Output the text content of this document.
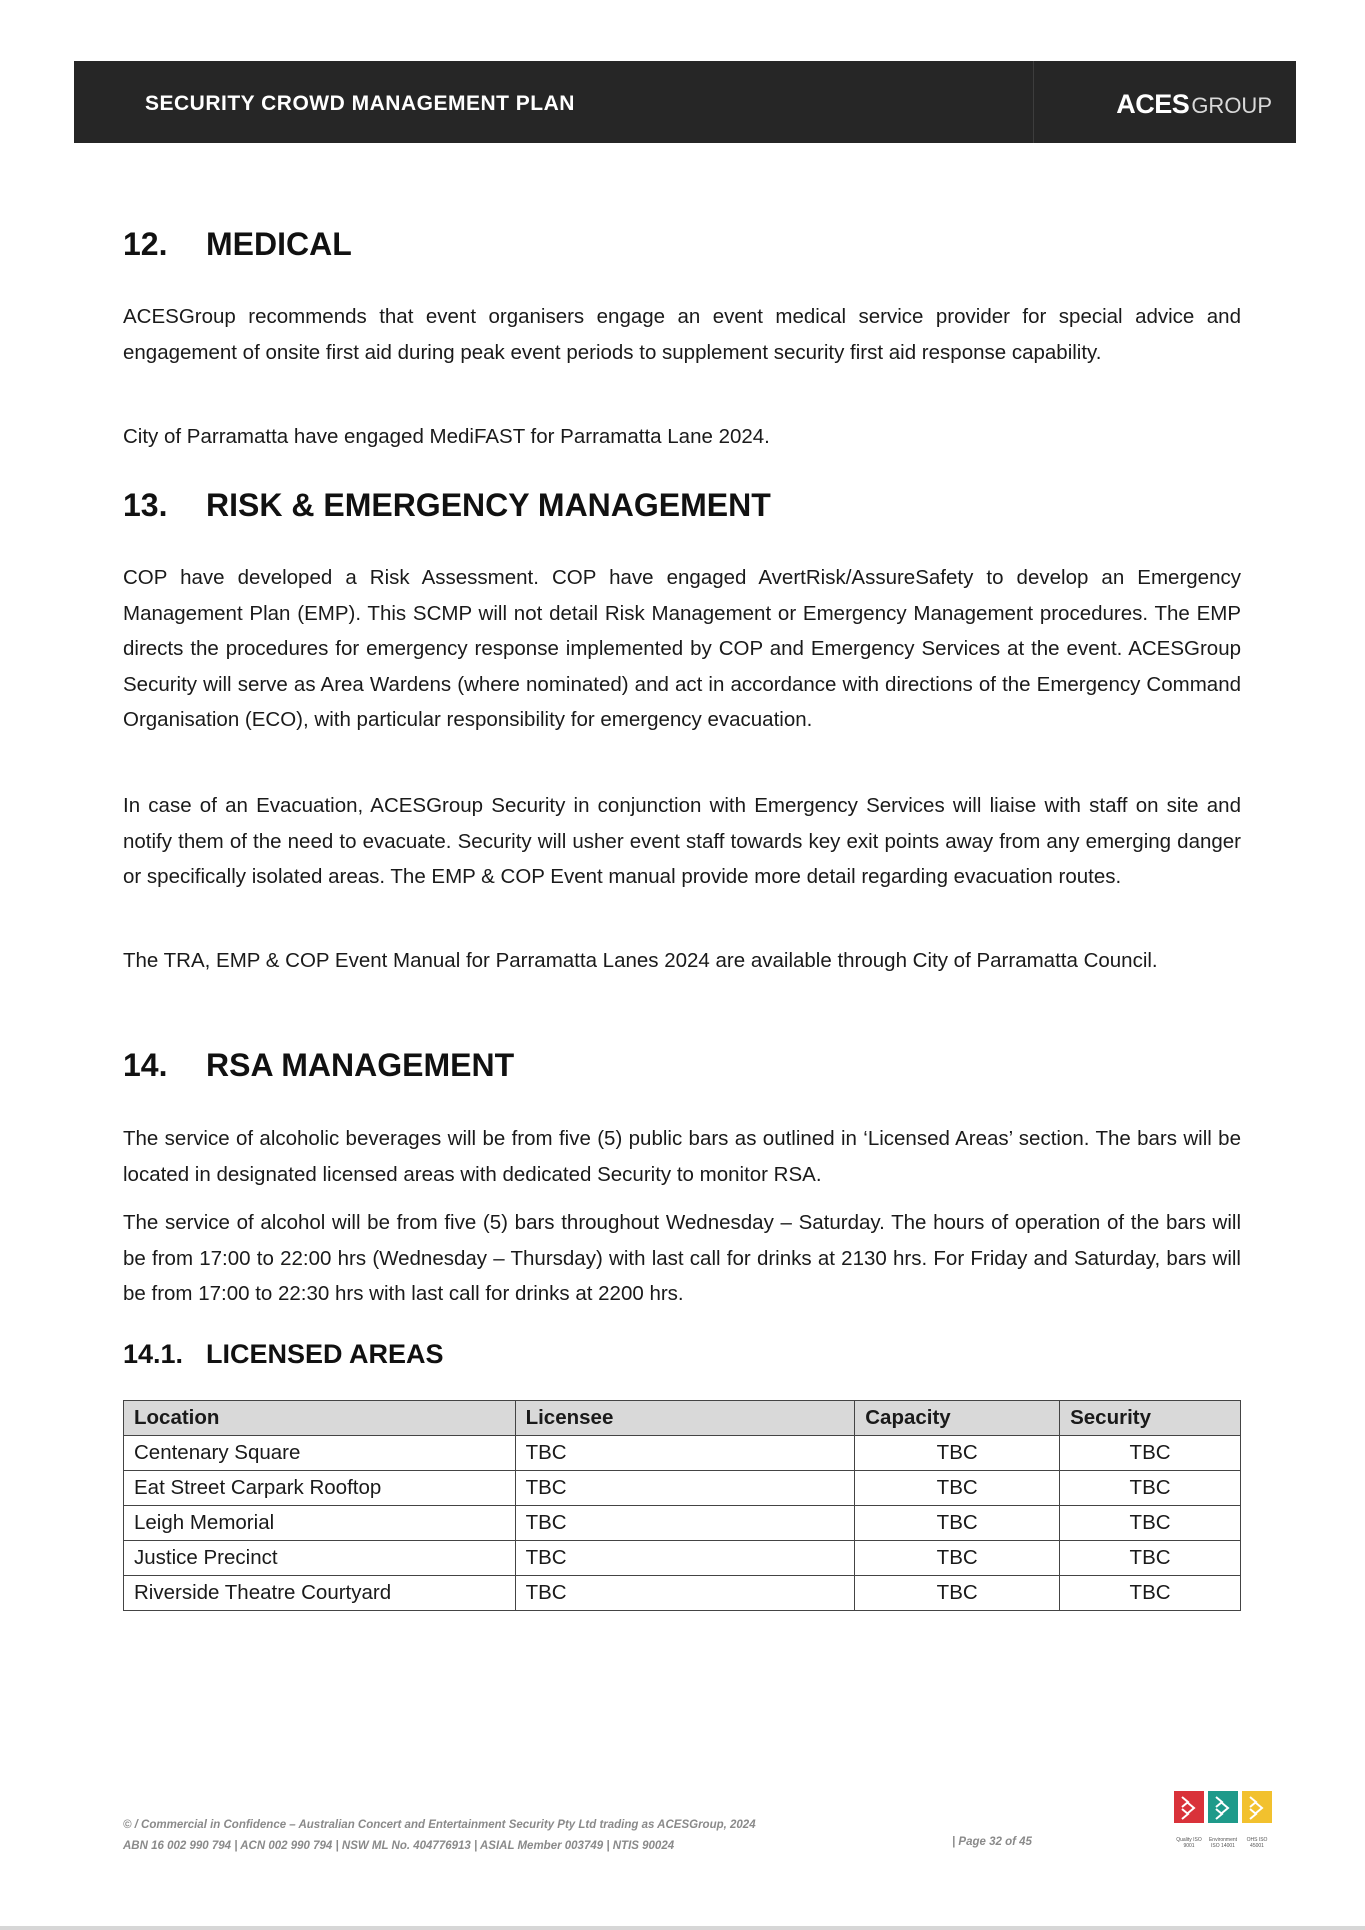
SECURITY CROWD MANAGEMENT PLAN	ACESGROUP
12. MEDICAL

ACESGroup recommends that event organisers engage an event medical service provider for special advice and engagement of onsite first aid during peak event periods to supplement security first aid response capability.

City of Parramatta have engaged MediFAST for Parramatta Lane 2024.

13. RISK & EMERGENCY MANAGEMENT

COP have developed a Risk Assessment. COP have engaged AvertRisk/AssureSafety to develop an Emergency Management Plan (EMP). This SCMP will not detail Risk Management or Emergency Management procedures. The EMP directs the procedures for emergency response implemented by COP and Emergency Services at the event. ACESGroup Security will serve as Area Wardens (where nominated) and act in accordance with directions of the Emergency Command Organisation (ECO), with particular responsibility for emergency evacuation.

In case of an Evacuation, ACESGroup Security in conjunction with Emergency Services will liaise with staff on site and notify them of the need to evacuate. Security will usher event staff towards key exit points away from any emerging danger or specifically isolated areas. The EMP & COP Event manual provide more detail regarding evacuation routes.

The TRA, EMP & COP Event Manual for Parramatta Lanes 2024 are available through City of Parramatta Council.

14. RSA MANAGEMENT

The service of alcoholic beverages will be from five (5) public bars as outlined in ‘Licensed Areas’ section. The bars will be located in designated licensed areas with dedicated Security to monitor RSA.

The service of alcohol will be from five (5) bars throughout Wednesday – Saturday. The hours of operation of the bars will be from 17:00 to 22:00 hrs (Wednesday – Thursday) with last call for drinks at 2130 hrs. For Friday and Saturday, bars will be from 17:00 to 22:30 hrs with last call for drinks at 2200 hrs.

14.1. LICENSED AREAS
Location	Licensee	Capacity	Security
Centenary Square	TBC	TBC	TBC
Eat Street Carpark Rooftop	TBC	TBC	TBC
Leigh Memorial	TBC	TBC	TBC
Justice Precinct	TBC	TBC	TBC
Riverside Theatre Courtyard	TBC	TBC	TBC
© / Commercial in Confidence – Australian Concert and Entertainment Security Pty Ltd trading as ACESGroup, 2024
ABN 16 002 990 794 | ACN 002 990 794 | NSW ML No. 404776913 | ASIAL Member 003749 | NTIS 90024	| Page 32 of 45	Quality ISO 9001
Environment ISO 14001
OHS ISO 45001
